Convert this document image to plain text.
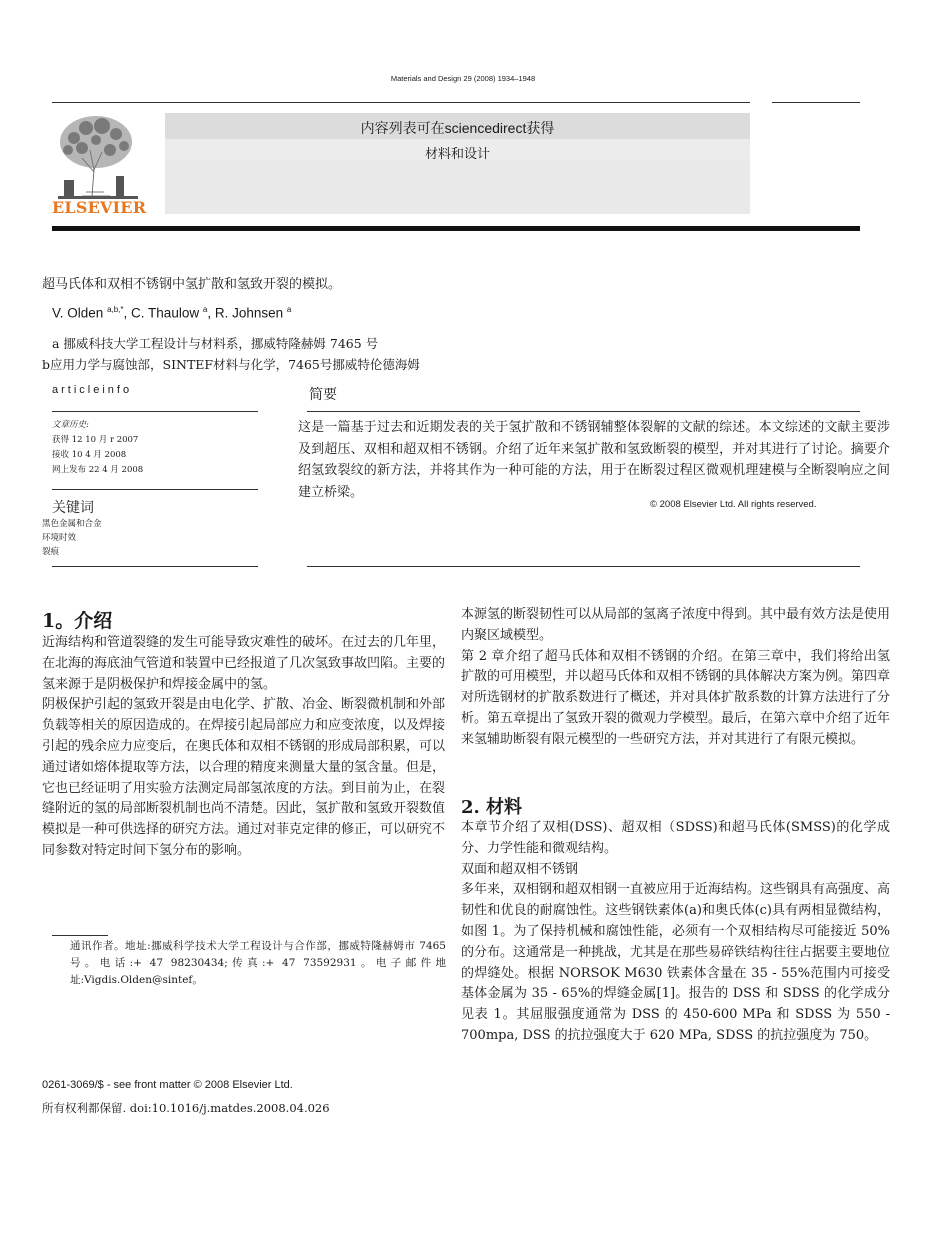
Materials and Design 29 (2008) 1934–1948
ELSEVIER
内容列表可在sciencedirect获得
材料和设计
超马氏体和双相不锈钢中氢扩散和氢致开裂的模拟。
V. Olden $^{a,b,*}$, C. Thaulow $^a$, R. Johnsen $^a$
a 挪威科技大学工程设计与材料系，挪威特隆赫姆 7465 号
b应用力学与腐蚀部，SINTEF材料与化学，7465号挪威特伦德海姆
articleinfo
文章历史:
获得 12 10 月 r 2007
接收 10 4 月 2008
网上发布 22 4 月 2008
关键词
黑色金属和合金
环境时效
裂痕
简要
这是一篇基于过去和近期发表的关于氢扩散和不锈钢辅整体裂解的文献的综述。本文综述的文献主要涉及到超压、双相和超双相不锈钢。介绍了近年来氢扩散和氢致断裂的模型，并对其进行了讨论。摘要介绍氢致裂纹的新方法，并将其作为一种可能的方法，用于在断裂过程区微观机理建模与全断裂响应之间建立桥梁。
© 2008 Elsevier Ltd. All rights reserved.
1。介绍

近海结构和管道裂缝的发生可能导致灾难性的破坏。在过去的几年里，在北海的海底油气管道和装置中已经报道了几次氢致事故凹陷。主要的氢来源于是阴极保护和焊接金属中的氢。

阴极保护引起的氢致开裂是由电化学、扩散、冶金、断裂微机制和外部负载等相关的原因造成的。在焊接引起局部应力和应变浓度，以及焊接引起的残余应力应变后，在奥氏体和双相不锈钢的形成局部积累，可以通过诸如熔体提取等方法，以合理的精度来测量大量的氢含量。但是，它也已经证明了用实验方法测定局部氢浓度的方法。到目前为止，在裂缝附近的氢的局部断裂机制也尚不清楚。因此，氢扩散和氢致开裂数值模拟是一种可供选择的研究方法。通过对菲克定律的修正，可以研究不同参数对特定时间下氢分布的影响。

本源氢的断裂韧性可以从局部的氢离子浓度中得到。其中最有效方法是使用内聚区域模型。

第 2 章介绍了超马氏体和双相不锈钢的介绍。在第三章中，我们将给出氢扩散的可用模型，并以超马氏体和双相不锈钢的具体解决方案为例。第四章对所选钢材的扩散系数进行了概述，并对具体扩散系数的计算方法进行了分析。第五章提出了氢致开裂的微观力学模型。最后，在第六章中介绍了近年来氢辅助断裂有限元模型的一些研究方法，并对其进行了有限元模拟。

2. 材料

本章节介绍了双相(DSS)、超双相（SDSS)和超马氏体(SMSS)的化学成分、力学性能和微观结构。

双面和超双相不锈钢

多年来，双相钢和超双相钢一直被应用于近海结构。这些钢具有高强度、高韧性和优良的耐腐蚀性。这些钢铁素体(a)和奥氏体(c)具有两相显微结构，如图 1。为了保持机械和腐蚀性能，必须有一个双相结构尽可能接近 50%的分布。这通常是一种挑战，尤其是在那些易碎铁结构往往占据要主要地位的焊缝处。根据 NORSOK M630 铁素体含量在 35 - 55%范围内可接受基体金属为 35 - 65%的焊缝金属[1]。报告的 DSS 和 SDSS 的化学成分见表 1。其屈服强度通常为 DSS 的 450-600 MPa 和 SDSS 为 550 - 700mpa, DSS 的抗拉强度大于 620 MPa, SDSS 的抗拉强度为 750。

通讯作者。地址:挪威科学技术大学工程设计与合作部，挪威特隆赫姆市 7465 号。电话:+ 47 98230434;传真:+ 47 73592931。电子邮件地址:Vigdis.Olden@sintef。
0261-3069/$ - see front matter © 2008 Elsevier Ltd.
所有权利都保留. doi:10.1016/j.matdes.2008.04.026
